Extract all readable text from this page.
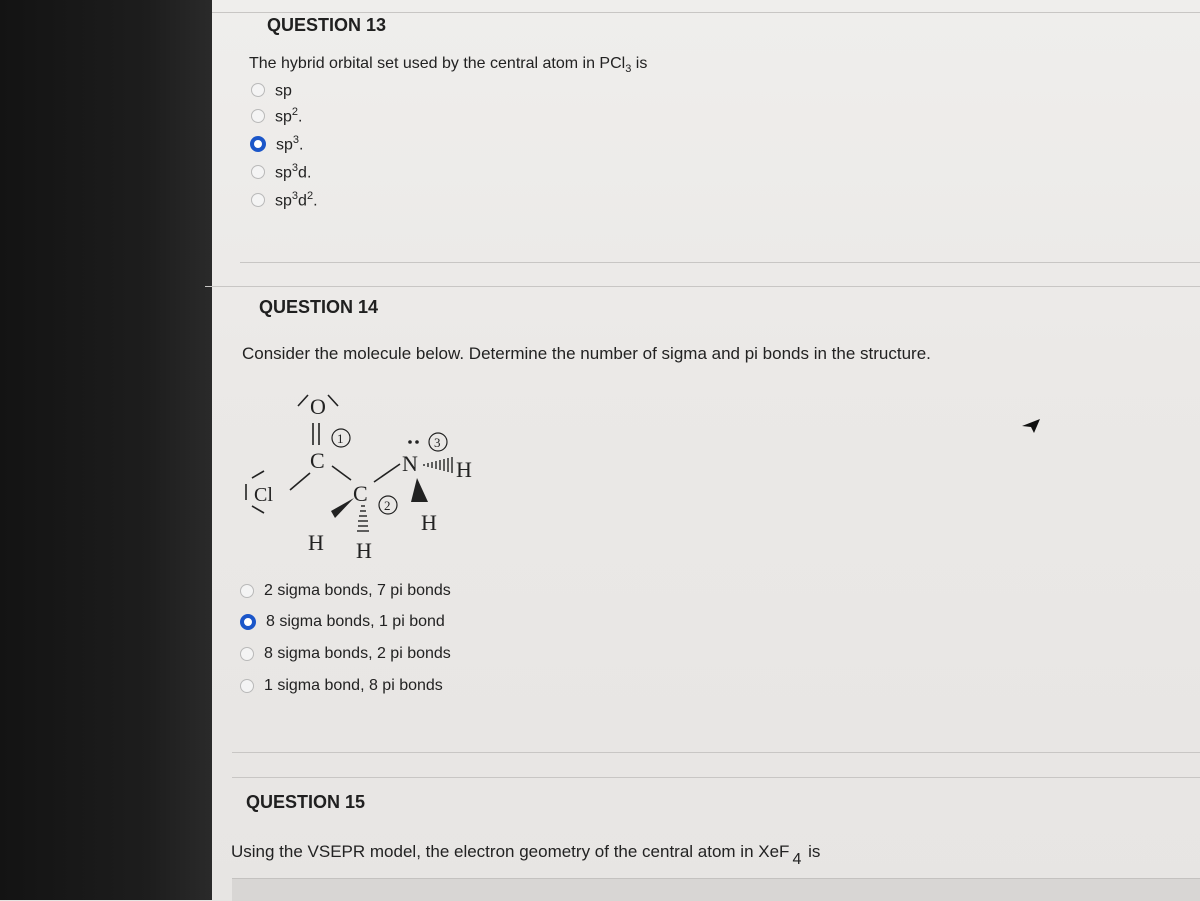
QUESTION 13
The hybrid orbital set used by the central atom in PCl$_3$ is
sp
$sp^2$.
$sp^3$.
$sp^3d$.
$sp^3d^2$.
QUESTION 14
Consider the molecule below. Determine the number of sigma and pi bonds in the structure.
O
1
C
Cl	C 2
N
3
H
H
H H
2 sigma bonds, 7 pi bonds
8 sigma bonds, 1 pi bond
8 sigma bonds, 2 pi bonds
1 sigma bond, 8 pi bonds
QUESTION 15
Using the VSEPR model, the electron geometry of the central atom in XeF 4 is
